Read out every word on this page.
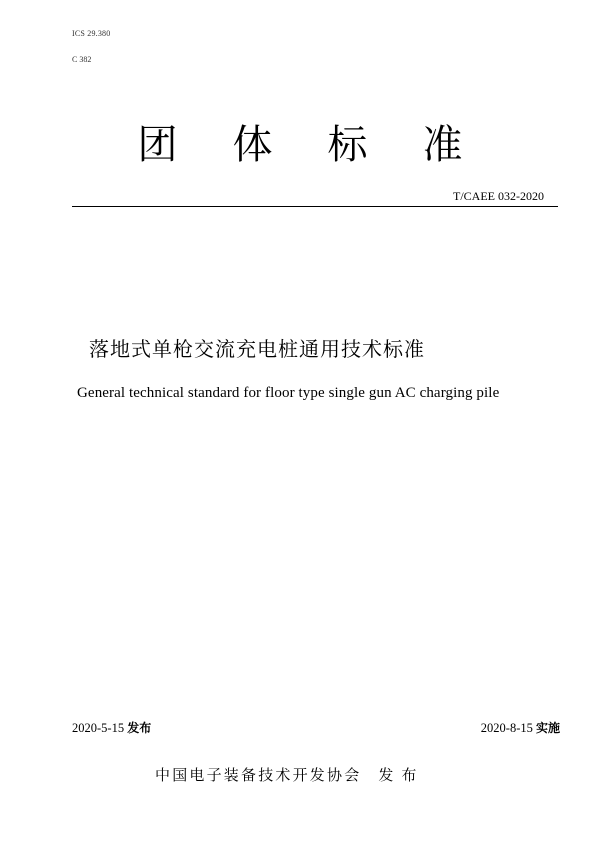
ICS 29.380
C 382
团体标准
T/CAEE 032-2020
落地式单枪交流充电桩通用技术标准
General technical standard for floor type single gun AC charging pile
2020-5-15 发布	2020-8-15 实施
中国电子装备技术开发协会 发布
